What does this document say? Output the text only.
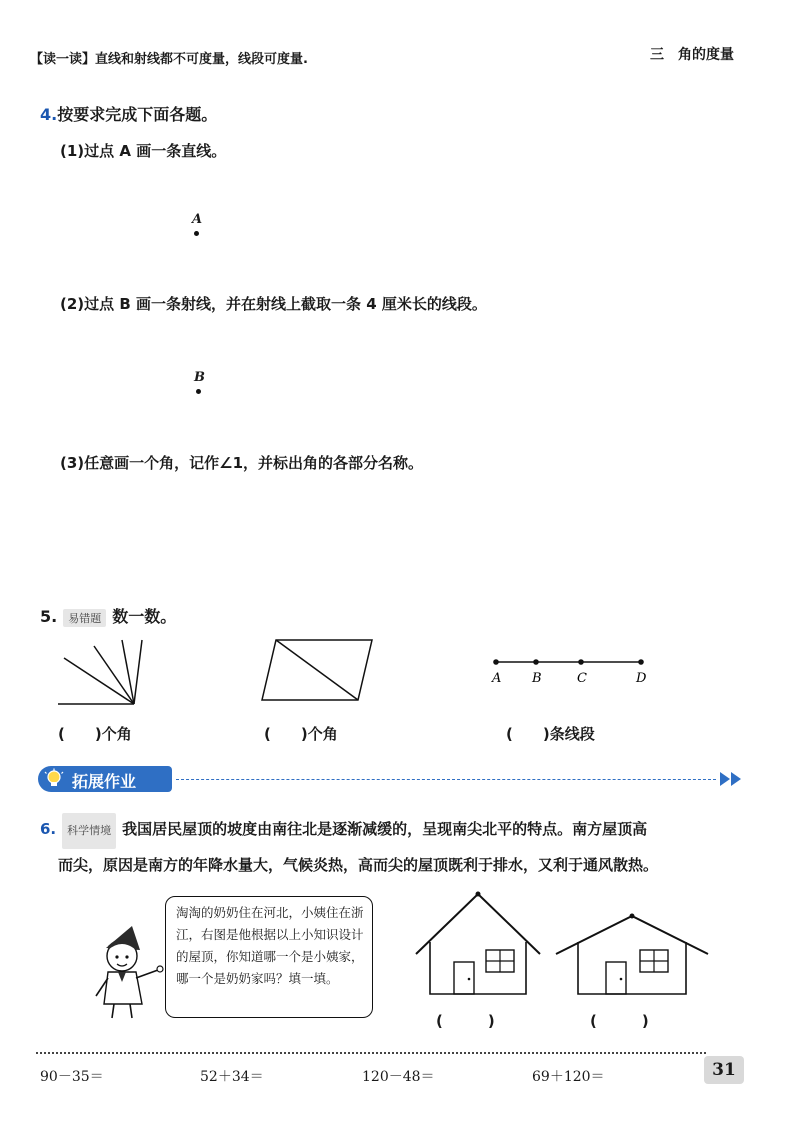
【读一读】直线和射线都不可度量，线段可度量.	三 角的度量
4.按要求完成下面各题。
(1)过点 A 画一条直线。
A
(2)过点 B 画一条射线，并在射线上截取一条 4 厘米长的线段。
B
(3)任意画一个角，记作∠1，并标出角的各部分名称。
5. 易错题 数一数。
A B	C	D
(　　)个角	(　　)个角	(　　)条线段
拓展作业
6. 科学情境 我国居民屋顶的坡度由南往北是逐渐减缓的，呈现南尖北平的特点。南方屋顶高
而尖，原因是南方的年降水量大，气候炎热，高而尖的屋顶既利于排水，又利于通风散热。
淘淘的奶奶住在河北，小姨住在浙江，右图是他根据以上小知识设计的屋顶，你知道哪一个是小姨家，哪一个是奶奶家吗？填一填。
(　　　)	(　　　)
90－35＝	52＋34＝	120－48＝	69＋120＝	31
